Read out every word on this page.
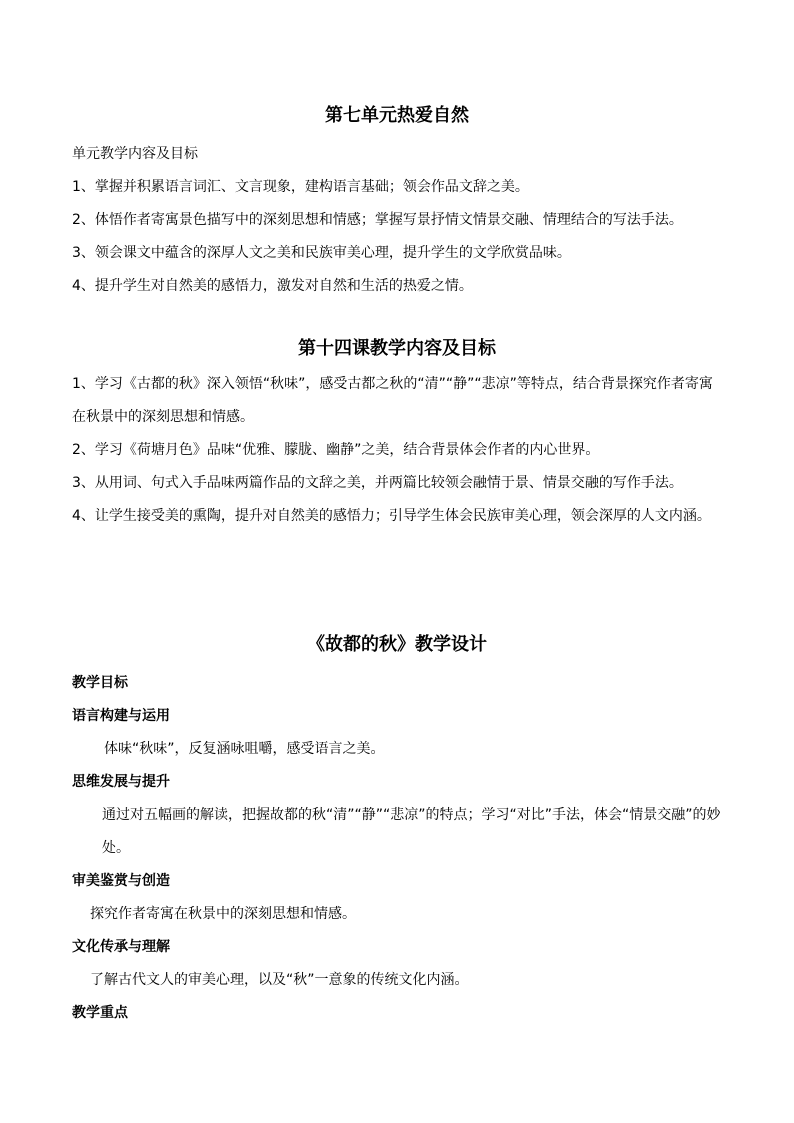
第七单元热爱自然

单元教学内容及目标

1、掌握并积累语言词汇、文言现象，建构语言基础；领会作品文辞之美。

2、体悟作者寄寓景色描写中的深刻思想和情感；掌握写景抒情文情景交融、情理结合的写法手法。

3、领会课文中蕴含的深厚人文之美和民族审美心理，提升学生的文学欣赏品味。

4、提升学生对自然美的感悟力，激发对自然和生活的热爱之情。

第十四课教学内容及目标

1、学习《古都的秋》深入领悟“秋味”，感受古都之秋的“清”“静”“悲凉”等特点，结合背景探究作者寄寓在秋景中的深刻思想和情感。

2、学习《荷塘月色》品味“优雅、朦胧、幽静”之美，结合背景体会作者的内心世界。

3、从用词、句式入手品味两篇作品的文辞之美，并两篇比较领会融情于景、情景交融的写作手法。

4、让学生接受美的熏陶，提升对自然美的感悟力；引导学生体会民族审美心理，领会深厚的人文内涵。

《故都的秋》教学设计

教学目标

语言构建与运用

体味“秋味”，反复涵咏咀嚼，感受语言之美。

思维发展与提升

通过对五幅画的解读，把握故都的秋“清”“静”“悲凉”的特点；学习“对比”手法，体会“情景交融”的妙处。

审美鉴赏与创造

探究作者寄寓在秋景中的深刻思想和情感。

文化传承与理解

了解古代文人的审美心理，以及“秋”一意象的传统文化内涵。

教学重点
